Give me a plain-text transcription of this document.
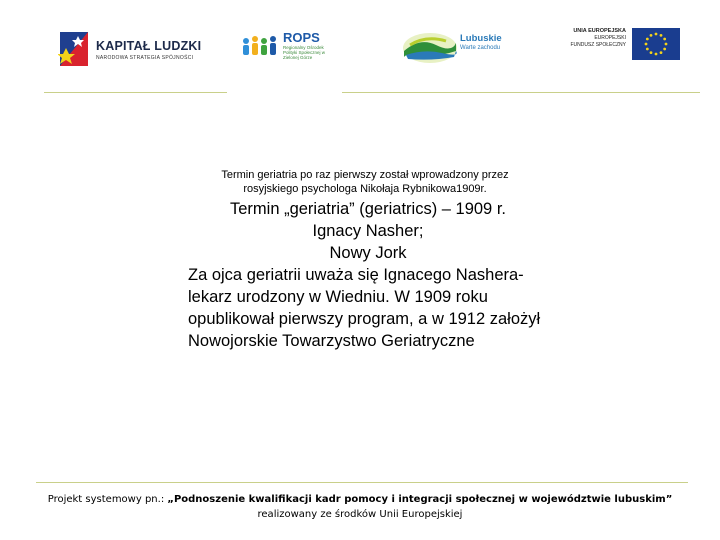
KAPITAŁ LUDZKI
NARODOWA STRATEGIA SPÓJNOŚCI
ROPS
Regionalny Ośrodek Polityki Społecznej w Zielonej Górze
Lubuskie
Warte zachodu
UNIA EUROPEJSKA
EUROPEJSKI
FUNDUSZ SPOŁECZNY
Termin geriatria po raz pierwszy został wprowadzony przez rosyjskiego psychologa Nikołaja Rybnikowa1909r.
Termin „geriatria” (geriatrics) – 1909 r.
Ignacy Nasher;
Nowy Jork
Za ojca geriatrii uważa się Ignacego Nashera- lekarz urodzony w Wiedniu. W 1909 roku opublikował pierwszy program, a w 1912 założył Nowojorskie Towarzystwo Geriatryczne
Projekt systemowy pn.: „Podnoszenie kwalifikacji kadr pomocy i integracji społecznej w województwie lubuskim”
realizowany ze środków Unii Europejskiej
